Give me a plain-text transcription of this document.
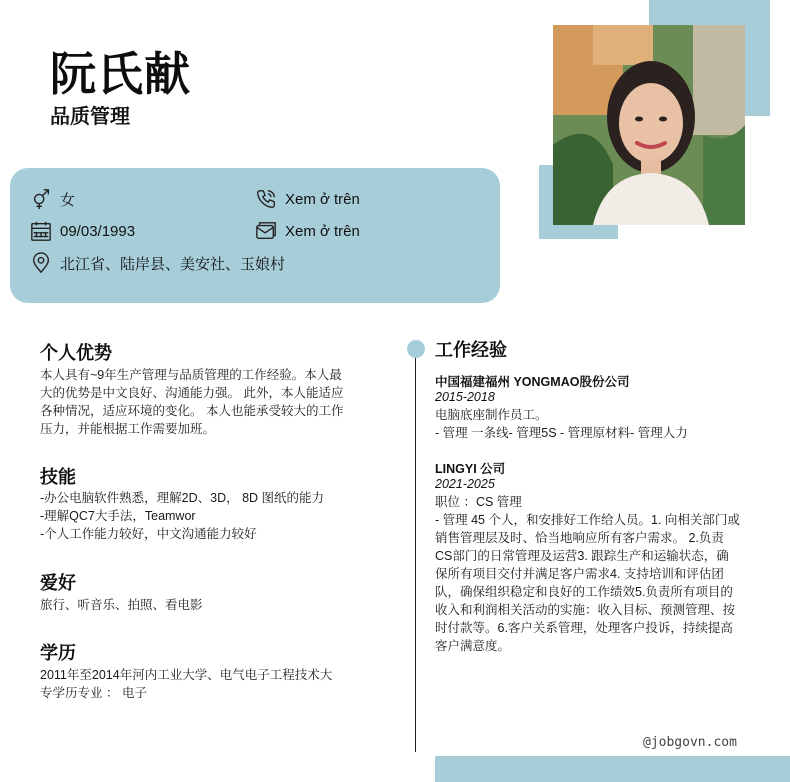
阮氏献
品质管理
女
09/03/1993
北江省、陆岸县、美安社、玉娘村
Xem ở trên
Xem ở trên
个人优势
本人具有~9年生产管理与品质管理的工作经验。本人最
大的优势是中文良好、沟通能力强。 此外，本人能适应
各种情况，适应环境的变化。 本人也能承受较大的工作
压力，并能根据工作需要加班。
技能
-办公电脑软件熟悉，理解2D、3D， 8D 图纸的能力
-理解QC7大手法，Teamwor
-个人工作能力较好，中文沟通能力较好
爱好
旅行、听音乐、拍照、看电影
学历
2011年至2014年河内工业大学、电气电子工程技术大
专学历专业 ： 电子
工作经验
中国福建福州 YONGMAO股份公司
2015-2018
电脑底座制作员工。
- 管理 一条线- 管理5S - 管理原材料- 管理人力
LINGYI 公司
2021-2025
职位 ：CS 管理
- 管理 45 个人，和安排好工作给人员。1. 向相关部门或
销售管理层及时、恰当地响应所有客户需求。 2.负责
CS部门的日常管理及运营3. 跟踪生产和运输状态，确
保所有项目交付并满足客户需求4. 支持培训和评估团
队，确保组织稳定和良好的工作绩效5.负责所有项目的
收入和利润相关活动的实施：收入目标、预测管理、按
时付款等。6.客户关系管理，处理客户投诉，持续提高
客户满意度。
@jobgovn.com
